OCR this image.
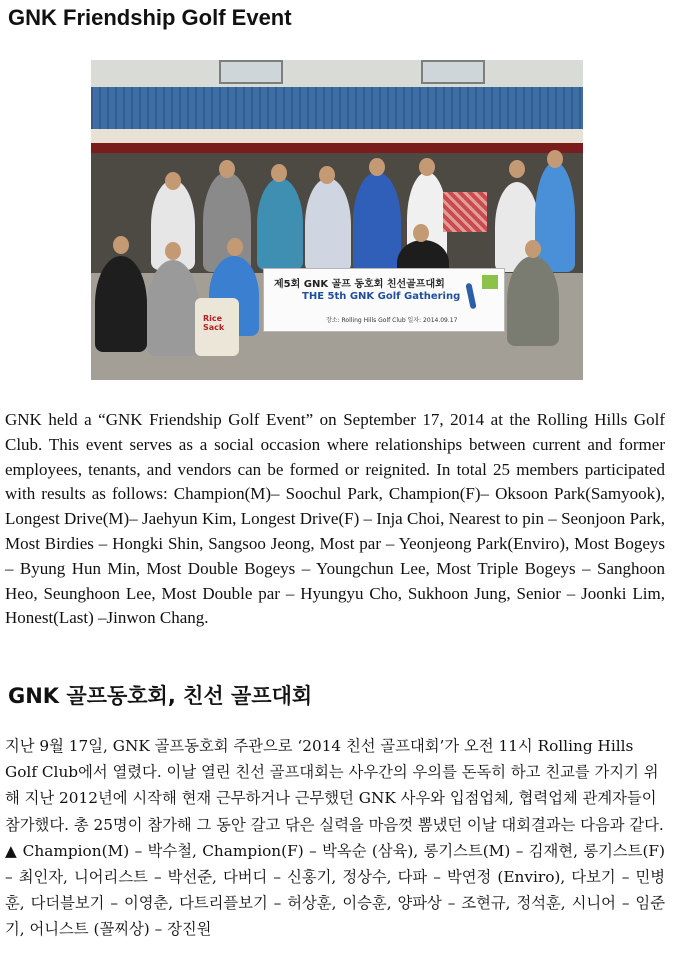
GNK Friendship Golf Event
Rice Sack
제5회 GNK 골프 동호회 친선골프대회
THE 5th GNK Golf Gathering
장소: Rolling Hills Golf Club 일자: 2014.09.17

GNK held a “GNK Friendship Golf Event” on September 17, 2014 at the Rolling Hills Golf Club. This event serves as a social occasion where relationships between current and former employees, tenants, and vendors can be formed or reignited. In total 25 members participated with results as follows: Champion(M)– Soochul Park, Champion(F)– Oksoon Park(Samyook), Longest Drive(M)– Jaehyun Kim, Longest Drive(F) – Inja Choi, Nearest to pin – Seonjoon Park, Most Birdies – Hongki Shin, Sangsoo Jeong, Most par – Yeonjeong Park(Enviro), Most Bogeys – Byung Hun Min, Most Double Bogeys – Youngchun Lee, Most Triple Bogeys – Sanghoon Heo, Seunghoon Lee, Most Double par – Hyungyu Cho, Sukhoon Jung, Senior – Joonki Lim, Honest(Last) –Jinwon Chang.

GNK 골프동호회, 친선 골프대회

지난 9월 17일, GNK 골프동호회 주관으로 ‘2014 친선 골프대회’가 오전 11시 Rolling Hills Golf Club에서 열렸다. 이날 열린 친선 골프대회는 사우간의 우의를 돈독히 하고 친교를 가지기 위해 지난 2012년에 시작해 현재 근무하거나 근무했던 GNK 사우와 입점업체, 협력업체 관계자들이 참가했다. 총 25명이 참가해 그 동안 갈고 닦은 실력을 마음껏 뽐냈던 이날 대회결과는 다음과 같다.

▲ Champion(M) – 박수철, Champion(F) – 박옥순 (삼육), 롱기스트(M) – 김재현, 롱기스트(F) – 최인자, 니어리스트 – 박선준, 다버디 – 신홍기, 정상수, 다파 – 박연정 (Enviro), 다보기 – 민병훈, 다더블보기 – 이영춘, 다트리플보기 – 허상훈, 이승훈, 양파상 – 조현규, 정석훈, 시니어 – 임준기, 어니스트 (꼴찌상) – 장진원
